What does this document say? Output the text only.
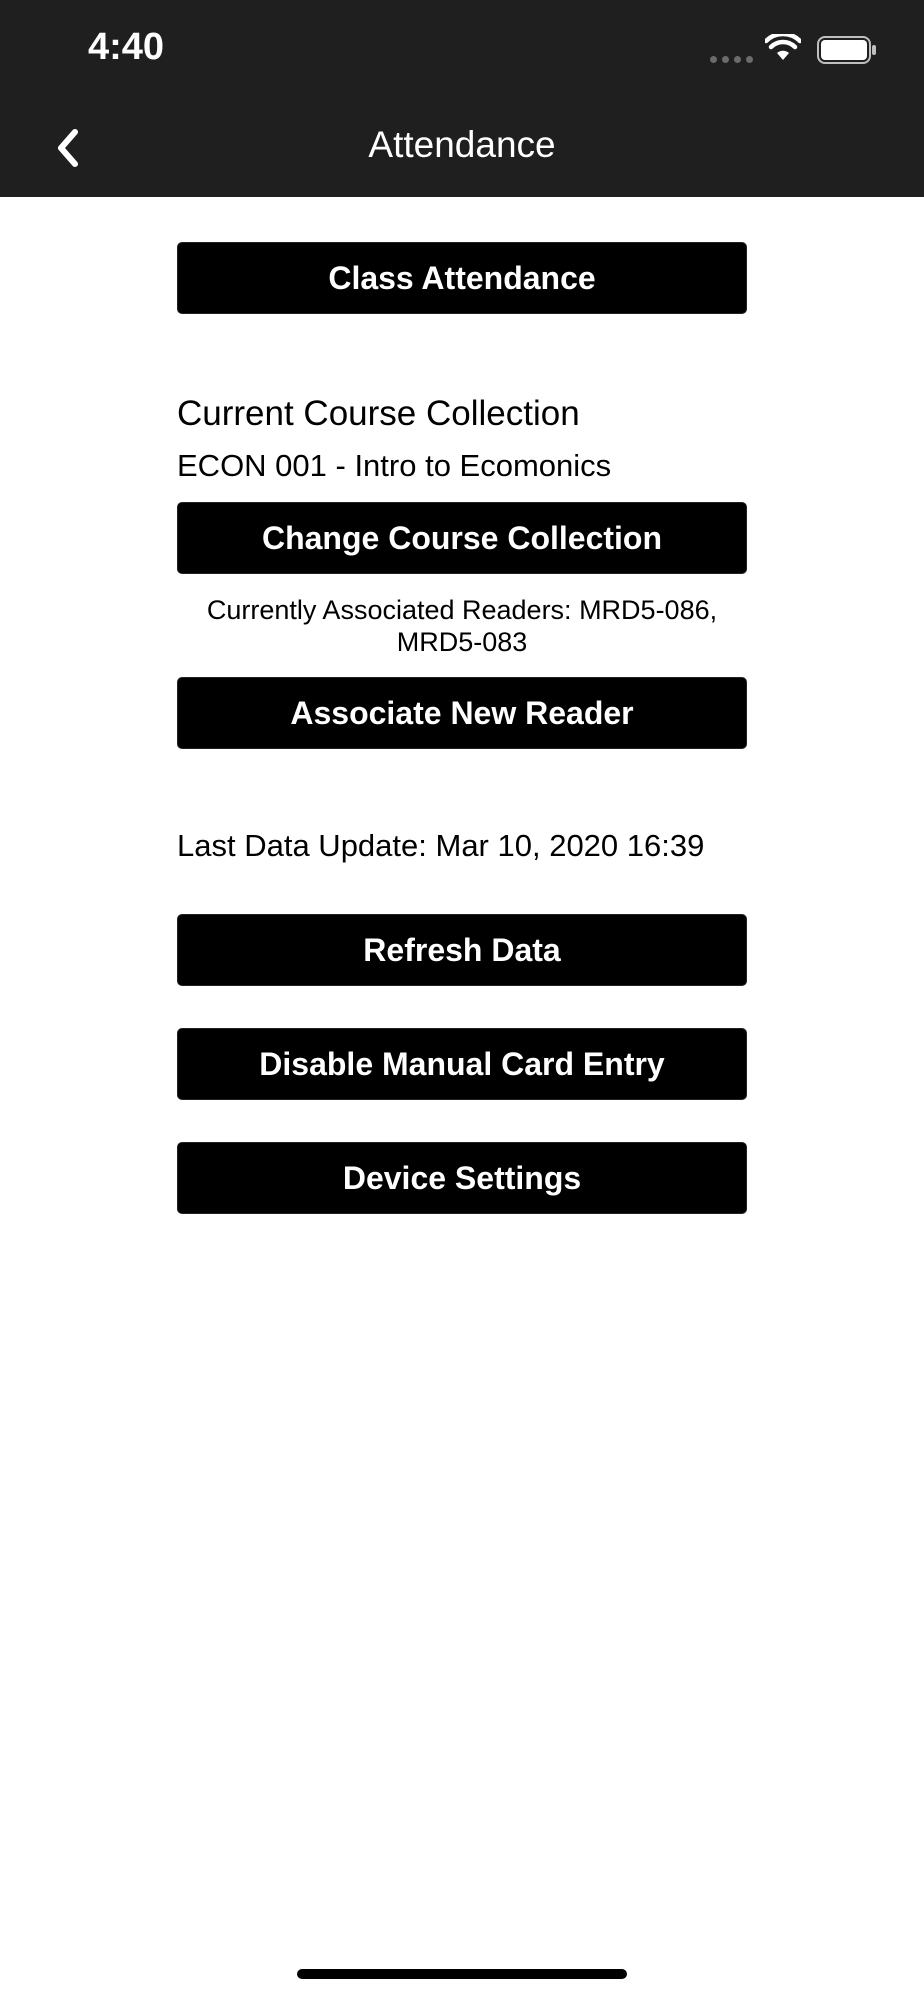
4:40
Attendance
Class Attendance
Current Course Collection
ECON 001 - Intro to Ecomonics
Change Course Collection
Currently Associated Readers: MRD5-086,
MRD5-083
Associate New Reader
Last Data Update: Mar 10, 2020 16:39
Refresh Data
Disable Manual Card Entry
Device Settings
